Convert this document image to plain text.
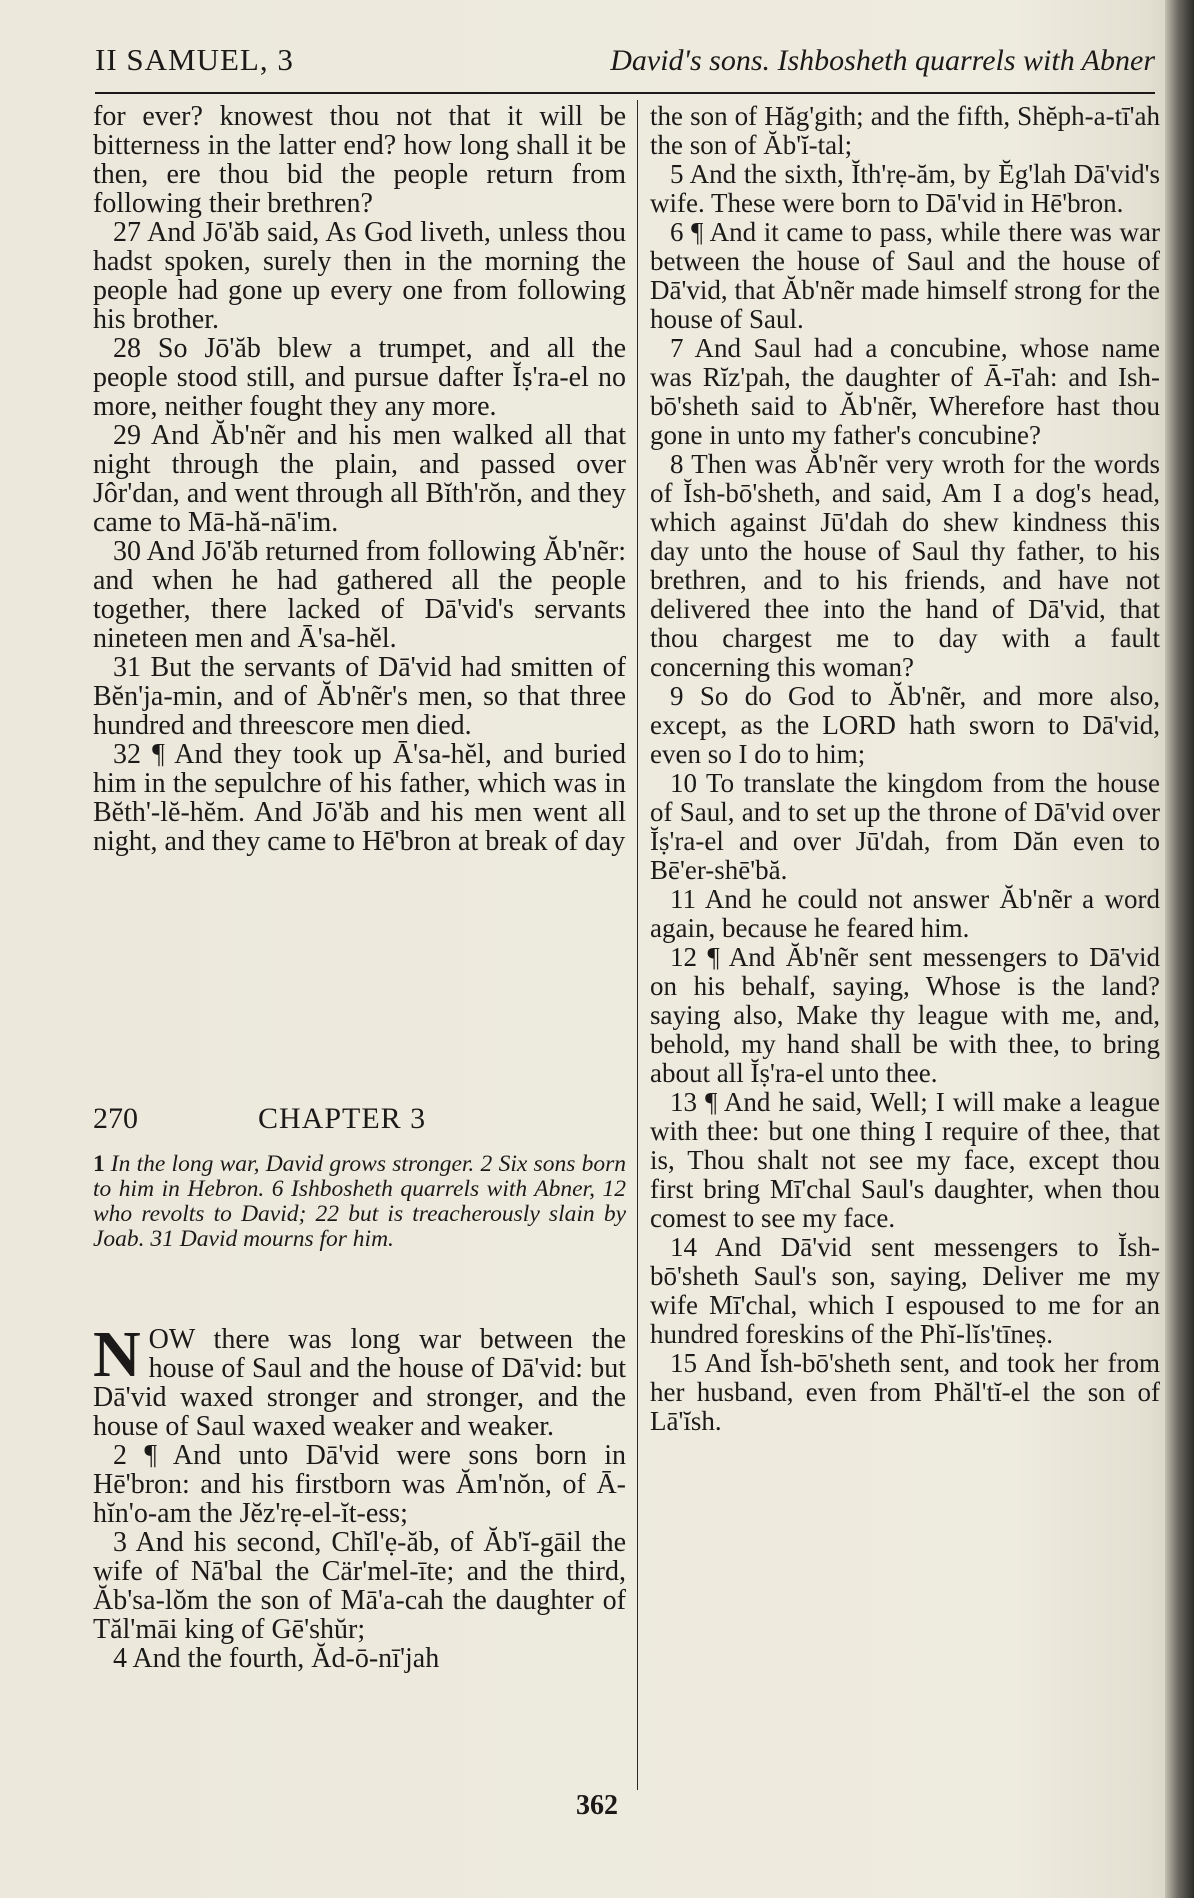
II SAMUEL, 3	David's sons. Ishbosheth quarrels with Abner

for ever? knowest thou not that it will be bitterness in the latter end? how long shall it be then, ere thou bid the people return from following their brethren?

27 And Jō'ăb said, As God liveth, unless thou hadst spoken, surely then in the morning the people had gone up every one from following his brother.

28 So Jō'ăb blew a trumpet, and all the people stood still, and pursue dafter Ĭṣ'ra-el no more, neither fought they any more.

29 And Ăb'nẽr and his men walked all that night through the plain, and passed over Jôr'dan, and went through all Bĭth'rŏn, and they came to Mā-hă-nā'im.

30 And Jō'ăb returned from following Ăb'nẽr: and when he had gathered all the people together, there lacked of Dā'vid's servants nineteen men and Ā'sa-hĕl.

31 But the servants of Dā'vid had smitten of Bĕn'ja-min, and of Ăb'nẽr's men, so that three hundred and threescore men died.

32 ¶ And they took up Ā'sa-hĕl, and buried him in the sepulchre of his father, which was in Bĕth'-lĕ-hĕm. And Jō'ăb and his men went all night, and they came to Hē'bron at break of day

270	CHAPTER 3
1 In the long war, David grows stronger. 2 Six sons born to him in Hebron. 6 Ishbosheth quarrels with Abner, 12 who revolts to David; 22 but is treacherously slain by Joab. 31 David mourns for him.

NOW there was long war between the house of Saul and the house of Dā'vid: but Dā'vid waxed stronger and stronger, and the house of Saul waxed weaker and weaker.

2 ¶ And unto Dā'vid were sons born in Hē'bron: and his firstborn was Ăm'nŏn, of Ā-hĭn'o-am the Jĕz'rẹ-el-ĭt-ess;

3 And his second, Chĭl'ẹ-ăb, of Ăb'ĭ-gāil the wife of Nā'bal the Cär'mel-īte; and the third, Ăb'sa-lŏm the son of Mā'a-cah the daughter of Tăl'māi king of Gē'shŭr;

4 And the fourth, Ăd-ō-nī'jah

the son of Hăg'gith; and the fifth, Shĕph-a-tī'ah the son of Ăb'ĭ-tal;

5 And the sixth, Ĭth'rẹ-ăm, by Ĕg'lah Dā'vid's wife. These were born to Dā'vid in Hē'bron.

6 ¶ And it came to pass, while there was war between the house of Saul and the house of Dā'vid, that Ăb'nẽr made himself strong for the house of Saul.

7 And Saul had a concubine, whose name was Rĭz'pah, the daughter of Ā-ī'ah: and Ish-bō'sheth said to Ăb'nẽr, Wherefore hast thou gone in unto my father's concubine?

8 Then was Ăb'nẽr very wroth for the words of Ĭsh-bō'sheth, and said, Am I a dog's head, which against Jū'dah do shew kindness this day unto the house of Saul thy father, to his brethren, and to his friends, and have not delivered thee into the hand of Dā'vid, that thou chargest me to day with a fault concerning this woman?

9 So do God to Ăb'nẽr, and more also, except, as the LORD hath sworn to Dā'vid, even so I do to him;

10 To translate the kingdom from the house of Saul, and to set up the throne of Dā'vid over Ĭṣ'ra-el and over Jū'dah, from Dăn even to Bē'er-shē'bă.

11 And he could not answer Ăb'nẽr a word again, because he feared him.

12 ¶ And Ăb'nẽr sent messengers to Dā'vid on his behalf, saying, Whose is the land? saying also, Make thy league with me, and, behold, my hand shall be with thee, to bring about all Ĭṣ'ra-el unto thee.

13 ¶ And he said, Well; I will make a league with thee: but one thing I require of thee, that is, Thou shalt not see my face, except thou first bring Mī'chal Saul's daughter, when thou comest to see my face.

14 And Dā'vid sent messengers to Ĭsh-bō'sheth Saul's son, saying, Deliver me my wife Mī'chal, which I espoused to me for an hundred foreskins of the Phĭ-lĭs'tīneṣ.

15 And Ĭsh-bō'sheth sent, and took her from her husband, even from Phăl'tĭ-el the son of Lā'ĭsh.

362
